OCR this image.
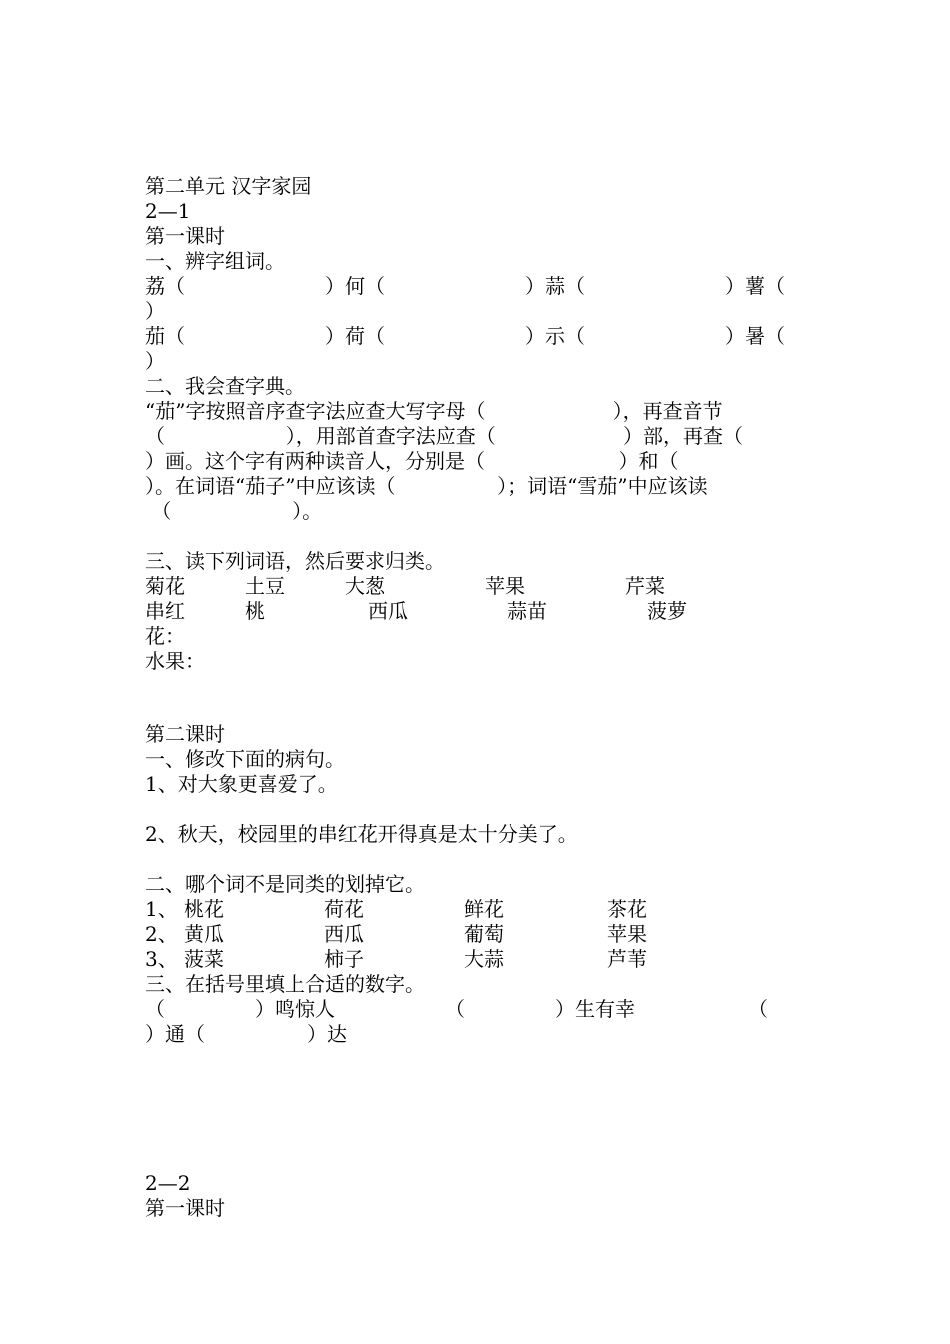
第二单元 汉字家园
2—1
第一课时
一、辨字组词。
荔（	）何（	）蒜（	）薯（
）
茄（	）荷（	）示（	）暑（
）
二、我会查字典。
“茄”字按照音序查字法应查大写字母（                    ），再查音节
（                   ），用部首查字法应查（                    ）部，再查（
）画。这个字有两种读音人，分别是（                     ）和（
）。在词语“茄子”中应该读（                ）；词语“雪茄”中应该读
（                   ）。
三、读下列词语，然后要求归类。
菊花	土豆	大葱	苹果	芹菜
串红	桃	西瓜	蒜苗	菠萝
花：
水果：
第二课时
一、修改下面的病句。
1、对大象更喜爱了。
2、秋天，校园里的串红花开得真是太十分美了。
二、哪个词不是同类的划掉它。
1、 桃花	荷花	鲜花	茶花
2、 黄瓜	西瓜	葡萄	苹果
3、 菠菜	柿子	大蒜	芦苇
三、在括号里填上合适的数字。
（	）鸣惊人	（	）生有幸	（
）通（	）达
2—2
第一课时
